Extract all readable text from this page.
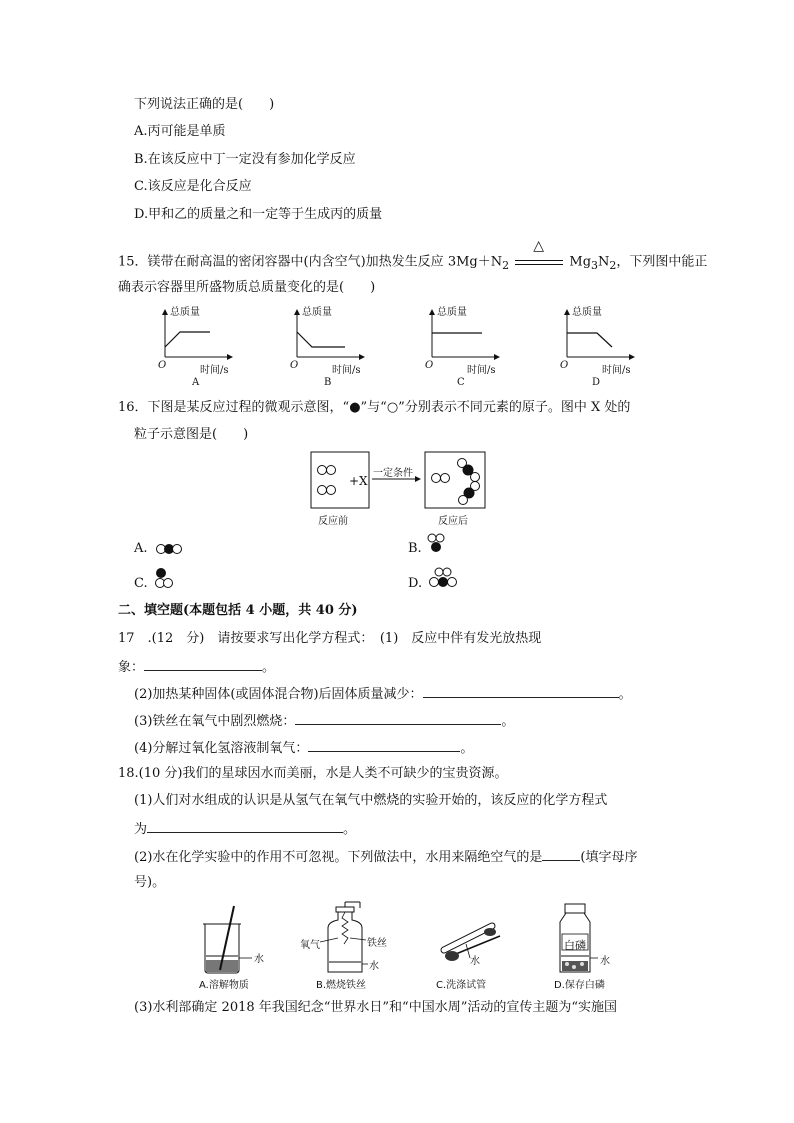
下列说法正确的是(　　)
A.丙可能是单质
B.在该反应中丁一定没有参加化学反应
C.该反应是化合反应
D.甲和乙的质量之和一定等于生成丙的质量
15．镁带在耐高温的密闭容器中(内含空气)加热发生反应 $3Mg+N_2$
△
$Mg_3N_2$，下列图中能正
确表示容器里所盛物质总质量变化的是(　　)
总质量	总质量	总质量	总质量
O	O	O	O
时间/s	时间/s	时间/s	时间/s
A	B	C	D
16．下图是某反应过程的微观示意图，“●”与“○”分别表示不同元素的原子。图中 X 处的
粒子示意图是(　　)
+X
一定条件
反应前	反应后
A.	B.
C.	D.
二、填空题(本题包括 4 小题，共 40 分)
17　.(12　分)　请按要求写出化学方程式：　(1)　反应中伴有发光放热现
象：	。
(2)加热某种固体(或固体混合物)后固体质量减少：	。
(3)铁丝在氧气中剧烈燃烧：	。
(4)分解过氧化氢溶液制氧气：	。
18.(10 分)我们的星球因水而美丽，水是人类不可缺少的宝贵资源。
(1)人们对水组成的认识是从氢气在氧气中燃烧的实验开始的，该反应的化学方程式
为	。
(2)水在化学实验中的作用不可忽视。下列做法中，水用来隔绝空气的是	(填字母序
号)。
水
氧气	铁丝
水	水
白磷
水
A.溶解物质	B.燃烧铁丝	C.洗涤试管	D.保存白磷
(3)水利部确定 2018 年我国纪念“世界水日”和“中国水周”活动的宣传主题为“实施国
